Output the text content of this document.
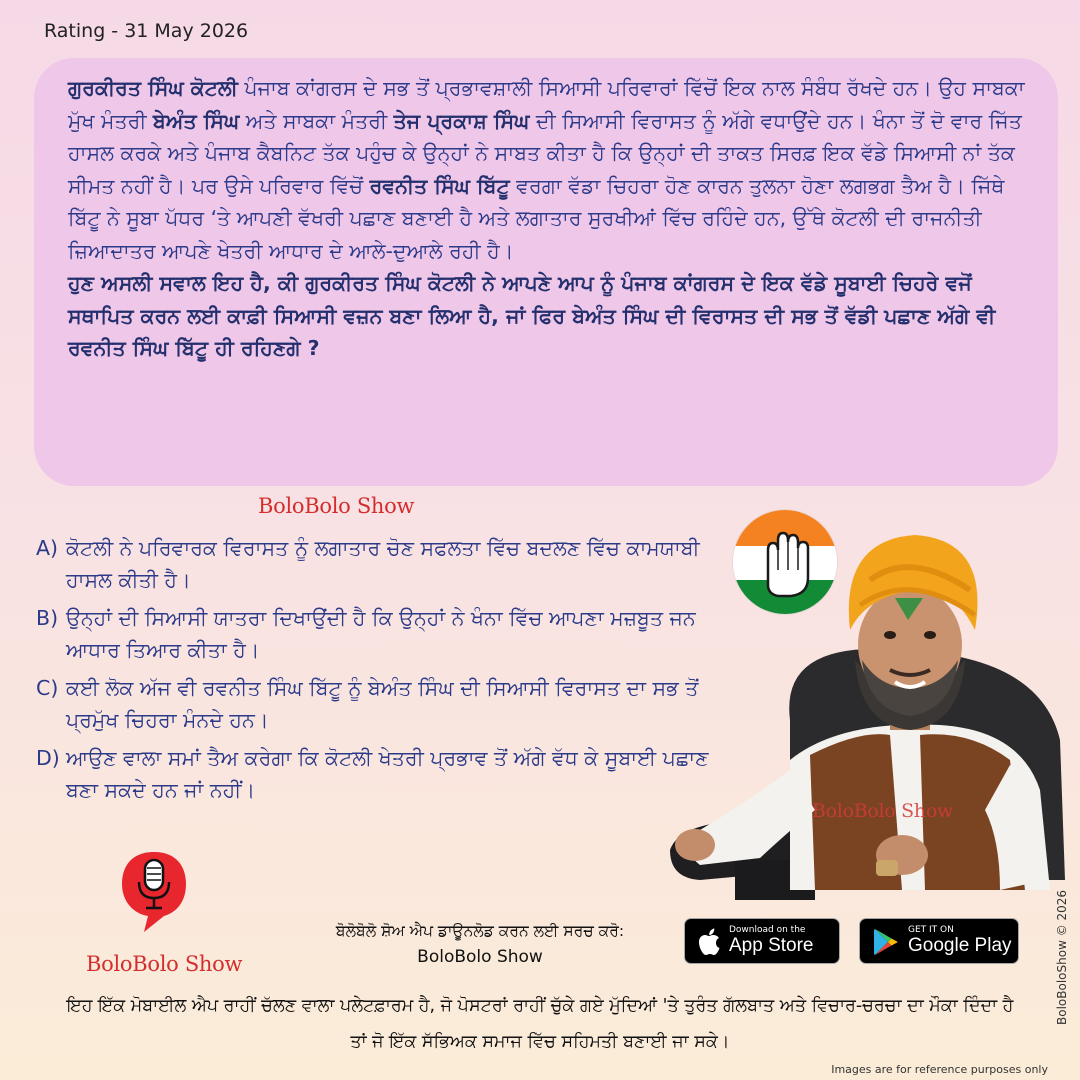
Rating - 31 May 2026

ਗੁਰਕੀਰਤ ਸਿੰਘ ਕੋਟਲੀ ਪੰਜਾਬ ਕਾਂਗਰਸ ਦੇ ਸਭ ਤੋਂ ਪ੍ਰਭਾਵਸ਼ਾਲੀ ਸਿਆਸੀ ਪਰਿਵਾਰਾਂ ਵਿੱਚੋਂ ਇਕ ਨਾਲ ਸੰਬੰਧ ਰੱਖਦੇ ਹਨ। ਉਹ ਸਾਬਕਾ ਮੁੱਖ ਮੰਤਰੀ ਬੇਅੰਤ ਸਿੰਘ ਅਤੇ ਸਾਬਕਾ ਮੰਤਰੀ ਤੇਜ ਪ੍ਰਕਾਸ਼ ਸਿੰਘ ਦੀ ਸਿਆਸੀ ਵਿਰਾਸਤ ਨੂੰ ਅੱਗੇ ਵਧਾਉਂਦੇ ਹਨ। ਖੰਨਾ ਤੋਂ ਦੋ ਵਾਰ ਜਿੱਤ ਹਾਸਲ ਕਰਕੇ ਅਤੇ ਪੰਜਾਬ ਕੈਬਨਿਟ ਤੱਕ ਪਹੁੰਚ ਕੇ ਉਨ੍ਹਾਂ ਨੇ ਸਾਬਤ ਕੀਤਾ ਹੈ ਕਿ ਉਨ੍ਹਾਂ ਦੀ ਤਾਕਤ ਸਿਰਫ਼ ਇਕ ਵੱਡੇ ਸਿਆਸੀ ਨਾਂ ਤੱਕ ਸੀਮਤ ਨਹੀਂ ਹੈ। ਪਰ ਉਸੇ ਪਰਿਵਾਰ ਵਿੱਚੋਂ ਰਵਨੀਤ ਸਿੰਘ ਬਿੱਟੂ ਵਰਗਾ ਵੱਡਾ ਚਿਹਰਾ ਹੋਣ ਕਾਰਨ ਤੁਲਨਾ ਹੋਣਾ ਲਗਭਗ ਤੈਅ ਹੈ। ਜਿੱਥੇ ਬਿੱਟੂ ਨੇ ਸੂਬਾ ਪੱਧਰ ‘ਤੇ ਆਪਣੀ ਵੱਖਰੀ ਪਛਾਣ ਬਣਾਈ ਹੈ ਅਤੇ ਲਗਾਤਾਰ ਸੁਰਖੀਆਂ ਵਿੱਚ ਰਹਿੰਦੇ ਹਨ, ਉੱਥੇ ਕੋਟਲੀ ਦੀ ਰਾਜਨੀਤੀ ਜ਼ਿਆਦਾਤਰ ਆਪਣੇ ਖੇਤਰੀ ਆਧਾਰ ਦੇ ਆਲੇ-ਦੁਆਲੇ ਰਹੀ ਹੈ।

ਹੁਣ ਅਸਲੀ ਸਵਾਲ ਇਹ ਹੈ, ਕੀ ਗੁਰਕੀਰਤ ਸਿੰਘ ਕੋਟਲੀ ਨੇ ਆਪਣੇ ਆਪ ਨੂੰ ਪੰਜਾਬ ਕਾਂਗਰਸ ਦੇ ਇਕ ਵੱਡੇ ਸੂਬਾਈ ਚਿਹਰੇ ਵਜੋਂ ਸਥਾਪਿਤ ਕਰਨ ਲਈ ਕਾਫ਼ੀ ਸਿਆਸੀ ਵਜ਼ਨ ਬਣਾ ਲਿਆ ਹੈ, ਜਾਂ ਫਿਰ ਬੇਅੰਤ ਸਿੰਘ ਦੀ ਵਿਰਾਸਤ ਦੀ ਸਭ ਤੋਂ ਵੱਡੀ ਪਛਾਣ ਅੱਗੇ ਵੀ ਰਵਨੀਤ ਸਿੰਘ ਬਿੱਟੂ ਹੀ ਰਹਿਣਗੇ ?

BoloBolo Show
A) ਕੋਟਲੀ ਨੇ ਪਰਿਵਾਰਕ ਵਿਰਾਸਤ ਨੂੰ ਲਗਾਤਾਰ ਚੋਣ ਸਫਲਤਾ ਵਿੱਚ ਬਦਲਣ ਵਿੱਚ ਕਾਮਯਾਬੀ ਹਾਸਲ ਕੀਤੀ ਹੈ।
B) ਉਨ੍ਹਾਂ ਦੀ ਸਿਆਸੀ ਯਾਤਰਾ ਦਿਖਾਉਂਦੀ ਹੈ ਕਿ ਉਨ੍ਹਾਂ ਨੇ ਖੰਨਾ ਵਿੱਚ ਆਪਣਾ ਮਜ਼ਬੂਤ ਜਨ ਆਧਾਰ ਤਿਆਰ ਕੀਤਾ ਹੈ।
C) ਕਈ ਲੋਕ ਅੱਜ ਵੀ ਰਵਨੀਤ ਸਿੰਘ ਬਿੱਟੂ ਨੂੰ ਬੇਅੰਤ ਸਿੰਘ ਦੀ ਸਿਆਸੀ ਵਿਰਾਸਤ ਦਾ ਸਭ ਤੋਂ ਪ੍ਰਮੁੱਖ ਚਿਹਰਾ ਮੰਨਦੇ ਹਨ।
D) ਆਉਣ ਵਾਲਾ ਸਮਾਂ ਤੈਅ ਕਰੇਗਾ ਕਿ ਕੋਟਲੀ ਖੇਤਰੀ ਪ੍ਰਭਾਵ ਤੋਂ ਅੱਗੇ ਵੱਧ ਕੇ ਸੂਬਾਈ ਪਛਾਣ ਬਣਾ ਸਕਦੇ ਹਨ ਜਾਂ ਨਹੀਂ।
BoloBolo Show
BoloBolo Show
ਬੋਲੋਬੋਲੋ ਸ਼ੋਅ ਐਪ ਡਾਊਨਲੋਡ ਕਰਨ ਲਈ ਸਰਚ ਕਰੋ:
BoloBolo Show
Download on the
App Store
GET IT ON
Google Play
ਇਹ ਇੱਕ ਮੋਬਾਈਲ ਐਪ ਰਾਹੀਂ ਚੱਲਣ ਵਾਲਾ ਪਲੇਟਫ਼ਾਰਮ ਹੈ, ਜੋ ਪੋਸਟਰਾਂ ਰਾਹੀਂ ਚੁੱਕੇ ਗਏ ਮੁੱਦਿਆਂ 'ਤੇ ਤੁਰੰਤ ਗੱਲਬਾਤ ਅਤੇ ਵਿਚਾਰ-ਚਰਚਾ ਦਾ ਮੌਕਾ ਦਿੰਦਾ ਹੈ ਤਾਂ ਜੋ ਇੱਕ ਸੱਭਿਅਕ ਸਮਾਜ ਵਿੱਚ ਸਹਿਮਤੀ ਬਣਾਈ ਜਾ ਸਕੇ।
BoloBoloShow © 2026
Images are for reference purposes only
